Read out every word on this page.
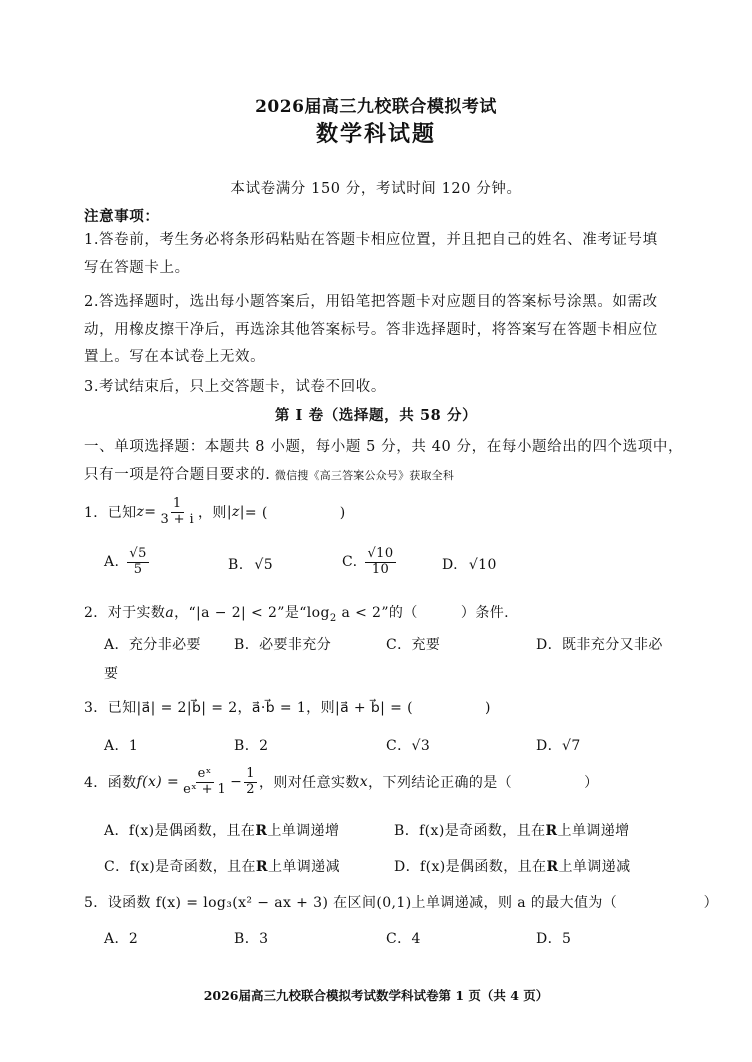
2026届高三九校联合模拟考试
数学科试题
本试卷满分 150 分，考试时间 120 分钟。
注意事项：
1.答卷前，考生务必将条形码粘贴在答题卡相应位置，并且把自己的姓名、准考证号填
写在答题卡上。
2.答选择题时，选出每小题答案后，用铅笔把答题卡对应题目的答案标号涂黑。如需改
动，用橡皮擦干净后，再选涂其他答案标号。答非选择题时，将答案写在答题卡相应位
置上。写在本试卷上无效。
3.考试结束后，只上交答题卡，试卷不回收。
第 I 卷（选择题，共 58 分）
一、单项选择题：本题共 8 小题，每小题 5 分，共 40 分，在每小题给出的四个选项中，
只有一项是符合题目要求的. 微信搜《高三答案公众号》获取全科
1．已知 $z = \frac{1}{3 + i}$ ，则 |z| = (　　　　　)
A. $\frac{√5}{5}$	B. √5	C. $\frac{√10}{10}$	D. √10
2．对于实数a，“|a − 2| < 2”是“$\log_2$ a < 2”的（　　　）条件.
A．充分非必要 B．必要非充分	C．充要	D．既非充分又非必
要
3．已知|a⃗| = 2|b⃗| = 2，a⃗·b⃗ = 1，则|a⃗ + b⃗| = (　　　　　)
A．1	B．2	C．√3	D．√7
4．函数 $f(x) = \frac{\text{eˣ}}{\text{eˣ + 1}} - \frac{1}{2}$ ，则对任意实数 x ，下列结论正确的是（　　　　　）
A．f(x)是偶函数，且在R上单调递增	B．f(x)是奇函数，且在R上单调递增
C．f(x)是奇函数，且在R上单调递减	D．f(x)是偶函数，且在R上单调递减
5．设函数 f(x) = log₃(x² − ax + 3) 在区间(0,1)上单调递减，则 a 的最大值为（　　　　　　）
A．2	B．3	C．4	D．5
2026届高三九校联合模拟考试数学科试卷第 1 页（共 4 页）
